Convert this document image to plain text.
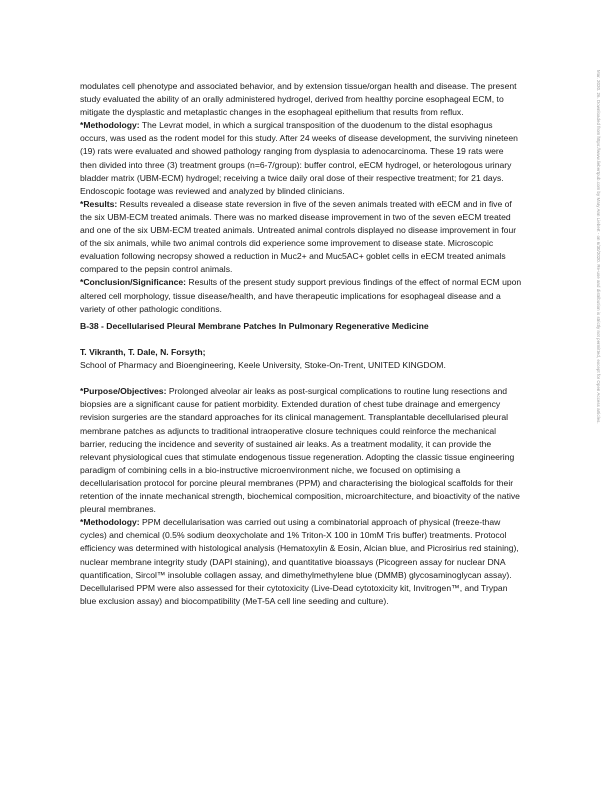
Mar. 2020. 26. Downloaded from https://www.liebertpub.com by Mary Ann Liebert - on 6/30/2020. Re-use and distribution is strictly not permitted, except for Open Access articles.

modulates cell phenotype and associated behavior, and by extension tissue/organ health and disease. The present study evaluated the ability of an orally administered hydrogel, derived from healthy porcine esophageal ECM, to mitigate the dysplastic and metaplastic changes in the esophageal epithelium that results from reflux.

*Methodology: The Levrat model, in which a surgical transposition of the duodenum to the distal esophagus occurs, was used as the rodent model for this study. After 24 weeks of disease development, the surviving nineteen (19) rats were evaluated and showed pathology ranging from dysplasia to adenocarcinoma. These 19 rats were then divided into three (3) treatment groups (n=6-7/group): buffer control, eECM hydrogel, or heterologous urinary bladder matrix (UBM-ECM) hydrogel; receiving a twice daily oral dose of their respective treatment; for 21 days. Endoscopic footage was reviewed and analyzed by blinded clinicians.

*Results: Results revealed a disease state reversion in five of the seven animals treated with eECM and in five of the six UBM-ECM treated animals. There was no marked disease improvement in two of the seven eECM treated and one of the six UBM-ECM treated animals. Untreated animal controls displayed no disease improvement in four of the six animals, while two animal controls did experience some improvement to disease state. Microscopic evaluation following necropsy showed a reduction in Muc2+ and Muc5AC+ goblet cells in eECM treated animals compared to the pepsin control animals.

*Conclusion/Significance: Results of the present study support previous findings of the effect of normal ECM upon altered cell morphology, tissue disease/health, and have therapeutic implications for esophageal disease and a variety of other pathologic conditions.

B-38 - Decellularised Pleural Membrane Patches In Pulmonary Regenerative Medicine

T. Vikranth, T. Dale, N. Forsyth;

School of Pharmacy and Bioengineering, Keele University, Stoke-On-Trent, UNITED KINGDOM.

*Purpose/Objectives: Prolonged alveolar air leaks as post-surgical complications to routine lung resections and biopsies are a significant cause for patient morbidity. Extended duration of chest tube drainage and emergency revision surgeries are the standard approaches for its clinical management. Transplantable decellularised pleural membrane patches as adjuncts to traditional intraoperative closure techniques could reinforce the mechanical barrier, reducing the incidence and severity of sustained air leaks. As a treatment modality, it can provide the relevant physiological cues that stimulate endogenous tissue regeneration. Adopting the classic tissue engineering paradigm of combining cells in a bio-instructive microenvironment niche, we focused on optimising a decellularisation protocol for porcine pleural membranes (PPM) and characterising the biological scaffolds for their retention of the innate mechanical strength, biochemical composition, microarchitecture, and bioactivity of the native pleural membranes.

*Methodology: PPM decellularisation was carried out using a combinatorial approach of physical (freeze-thaw cycles) and chemical (0.5% sodium deoxycholate and 1% Triton-X 100 in 10mM Tris buffer) treatments. Protocol efficiency was determined with histological analysis (Hematoxylin & Eosin, Alcian blue, and Picrosirius red staining), nuclear membrane integrity study (DAPI staining), and quantitative bioassays (Picogreen assay for nuclear DNA quantification, Sircol™ insoluble collagen assay, and dimethylmethylene blue (DMMB) glycosaminoglycan assay). Decellularised PPM were also assessed for their cytotoxicity (Live-Dead cytotoxicity kit, Invitrogen™, and Trypan blue exclusion assay) and biocompatibility (MeT-5A cell line seeding and culture).
